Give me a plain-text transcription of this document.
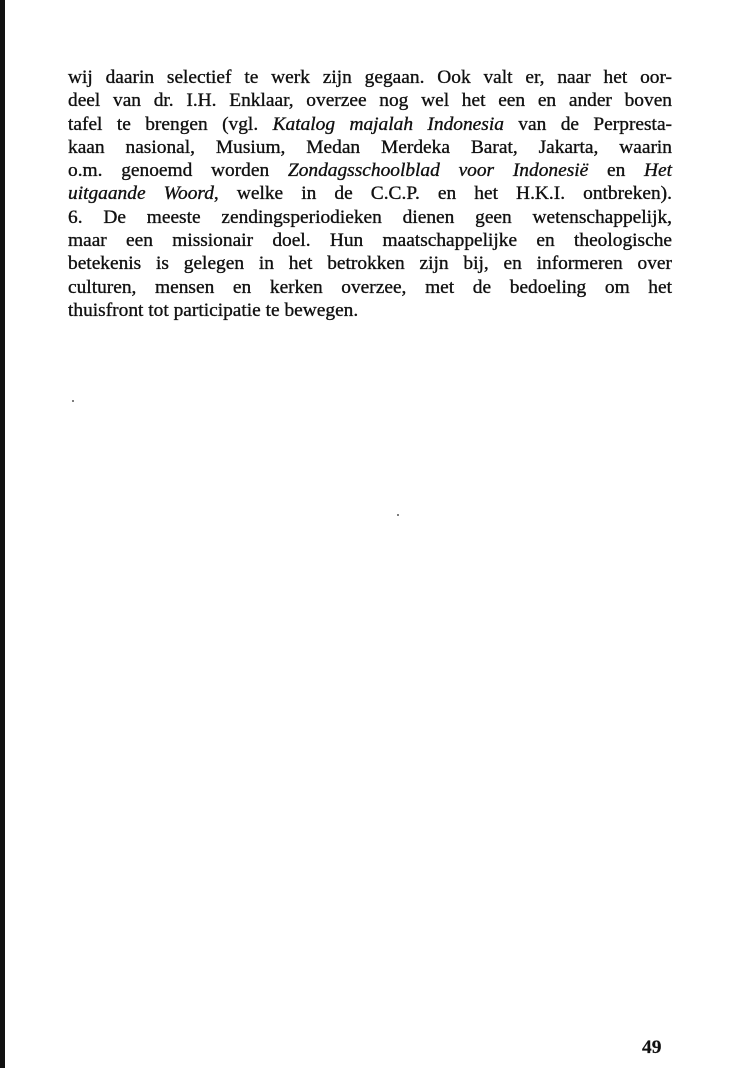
wij daarin selectief te werk zijn gegaan. Ook valt er, naar het oor-
deel van dr. I.H. Enklaar, overzee nog wel het een en ander boven
tafel te brengen (vgl. Katalog majalah Indonesia van de Perpresta-
kaan nasional, Musium, Medan Merdeka Barat, Jakarta, waarin
o.m. genoemd worden Zondagsschoolblad voor Indonesië en Het
uitgaande Woord, welke in de C.C.P. en het H.K.I. ontbreken).
6. De meeste zendingsperiodieken dienen geen wetenschappelijk,
maar een missionair doel. Hun maatschappelijke en theologische
betekenis is gelegen in het betrokken zijn bij, en informeren over
culturen, mensen en kerken overzee, met de bedoeling om het
thuisfront tot participatie te bewegen.
49
